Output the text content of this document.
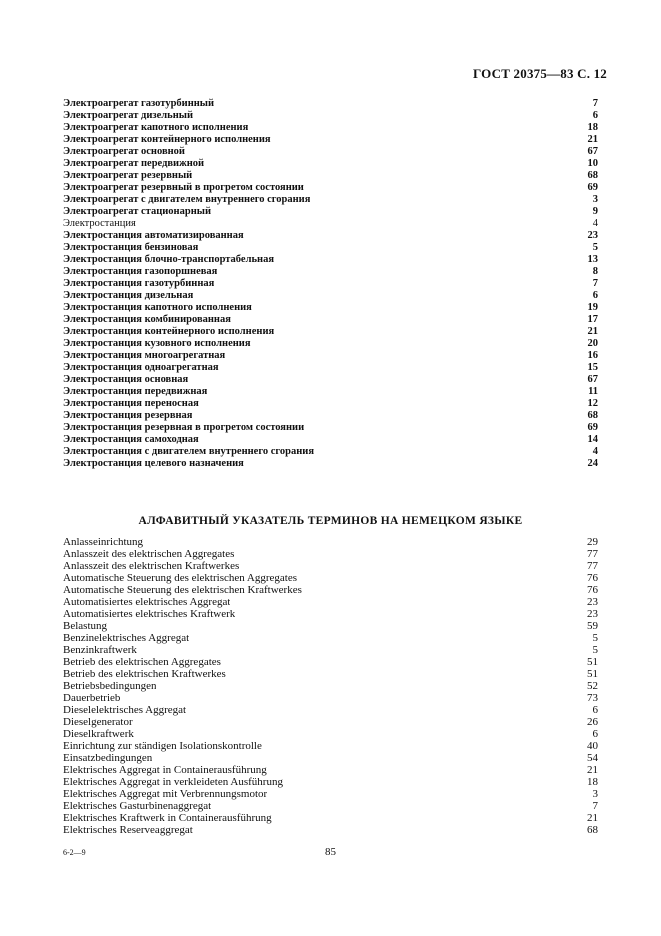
ГОСТ 20375—83 С. 12
Электроагрегат газотурбинный	7
Электроагрегат дизельный	6
Электроагрегат капотного исполнения	18
Электроагрегат контейнерного исполнения	21
Электроагрегат основной	67
Электроагрегат передвижной	10
Электроагрегат резервный	68
Электроагрегат резервный в прогретом состоянии	69
Электроагрегат с двигателем внутреннего сгорания	3
Электроагрегат стационарный	9
Электростанция	4
Электростанция автоматизированная	23
Электростанция бензиновая	5
Электростанция блочно-транспортабельная	13
Электростанция газопоршневая	8
Электростанция газотурбинная	7
Электростанция дизельная	6
Электростанция капотного исполнения	19
Электростанция комбинированная	17
Электростанция контейнерного исполнения	21
Электростанция кузовного исполнения	20
Электростанция многоагрегатная	16
Электростанция одноагрегатная	15
Электростанция основная	67
Электростанция передвижная	11
Электростанция переносная	12
Электростанция резервная	68
Электростанция резервная в прогретом состоянии	69
Электростанция самоходная	14
Электростанция с двигателем внутреннего сгорания	4
Электростанция целевого назначения	24
АЛФАВИТНЫЙ УКАЗАТЕЛЬ ТЕРМИНОВ НА НЕМЕЦКОМ ЯЗЫКЕ
Anlasseinrichtung	29
Anlasszeit des elektrischen Aggregates	77
Anlasszeit des elektrischen Kraftwerkes	77
Automatische Steuerung des elektrischen Aggregates	76
Automatische Steuerung des elektrischen Kraftwerkes	76
Automatisiertes elektrisches Aggregat	23
Automatisiertes elektrisches Kraftwerk	23
Belastung	59
Benzinelektrisches Aggregat	5
Benzinkraftwerk	5
Betrieb des elektrischen Aggregates	51
Betrieb des elektrischen Kraftwerkes	51
Betriebsbedingungen	52
Dauerbetrieb	73
Dieselelektrisches Aggregat	6
Dieselgenerator	26
Dieselkraftwerk	6
Einrichtung zur ständigen Isolationskontrolle	40
Einsatzbedingungen	54
Elektrisches Aggregat in Containerausführung	21
Elektrisches Aggregat in verkleideten Ausführung	18
Elektrisches Aggregat mit Verbrennungsmotor	3
Elektrisches Gasturbinenaggregat	7
Elektrisches Kraftwerk in Containerausführung	21
Elektrisches Reserveaggregat	68
6-2—9	85
